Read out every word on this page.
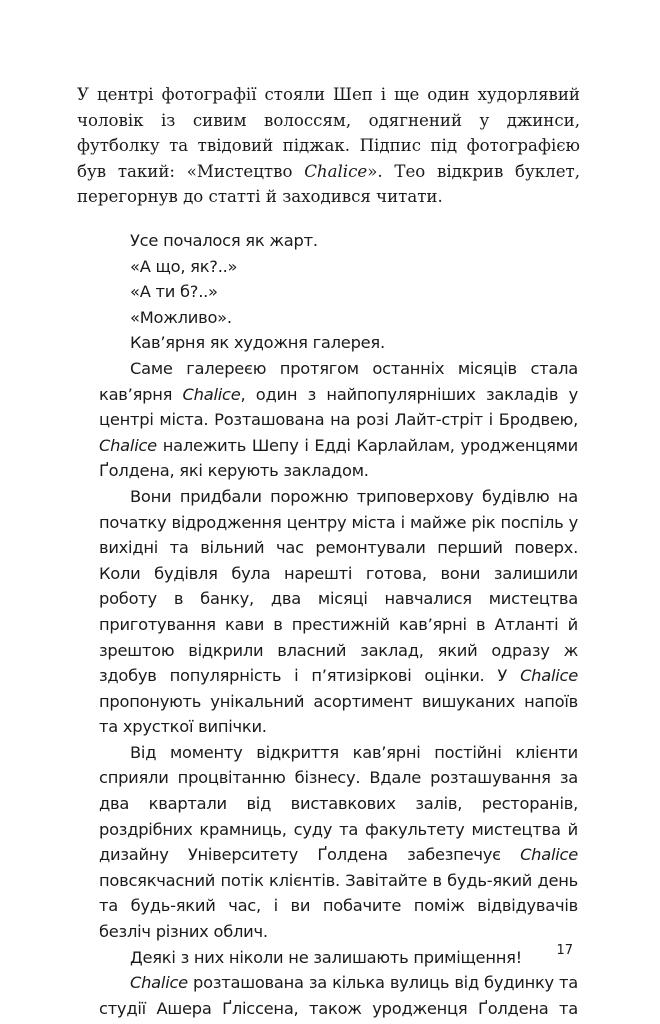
У центрі фотографії стояли Шеп і ще один худорлявий чоловік із сивим волоссям, одягнений у джинси, футболку та твідовий піджак. Підпис під фотографією був такий: «Мистецтво Chalice». Тео відкрив буклет, перегорнув до статті й заходився читати.

Усе почалося як жарт.

«А що, як?..»

«А ти б?..»

«Можливо».

Кав’ярня як художня галерея.

Саме галереєю протягом останніх місяців стала кав’ярня Chalice, один з найпопулярніших закладів у центрі міста. Розташована на розі Лайт-стріт і Бродвею, Chalice належить Шепу і Едді Карлайлам, уродженцями Ґолдена, які керують закладом.

Вони придбали порожню триповерхову будівлю на початку відродження центру міста і майже рік поспіль у вихідні та вільний час ремонтували перший поверх. Коли будівля була нарешті готова, вони залишили роботу в банку, два місяці навчалися мистецтва приготування кави в престижній кав’ярні в Атланті й зрештою відкрили власний заклад, який одразу ж здобув популярність і п’ятизіркові оцінки. У Chalice пропонують унікальний асортимент вишуканих напоїв та хрусткої випічки.

Від моменту відкриття кав’ярні постійні клієнти сприяли процвітанню бізнесу. Вдале розташування за два квартали від виставкових залів, ресторанів, роздрібних крамниць, суду та факультету мистецтва й дизайну Університету Ґолдена забезпечує Chalice повсякчасний потік клієнтів. Завітайте в будь-який день та будь-який час, і ви побачите поміж відвідувачів безліч різних облич.

Деякі з них ніколи не залишають приміщення!

Chalice розташована за кілька вулиць від будинку та студії Ашера Ґліссена, також уродженця Ґолдена та

17
